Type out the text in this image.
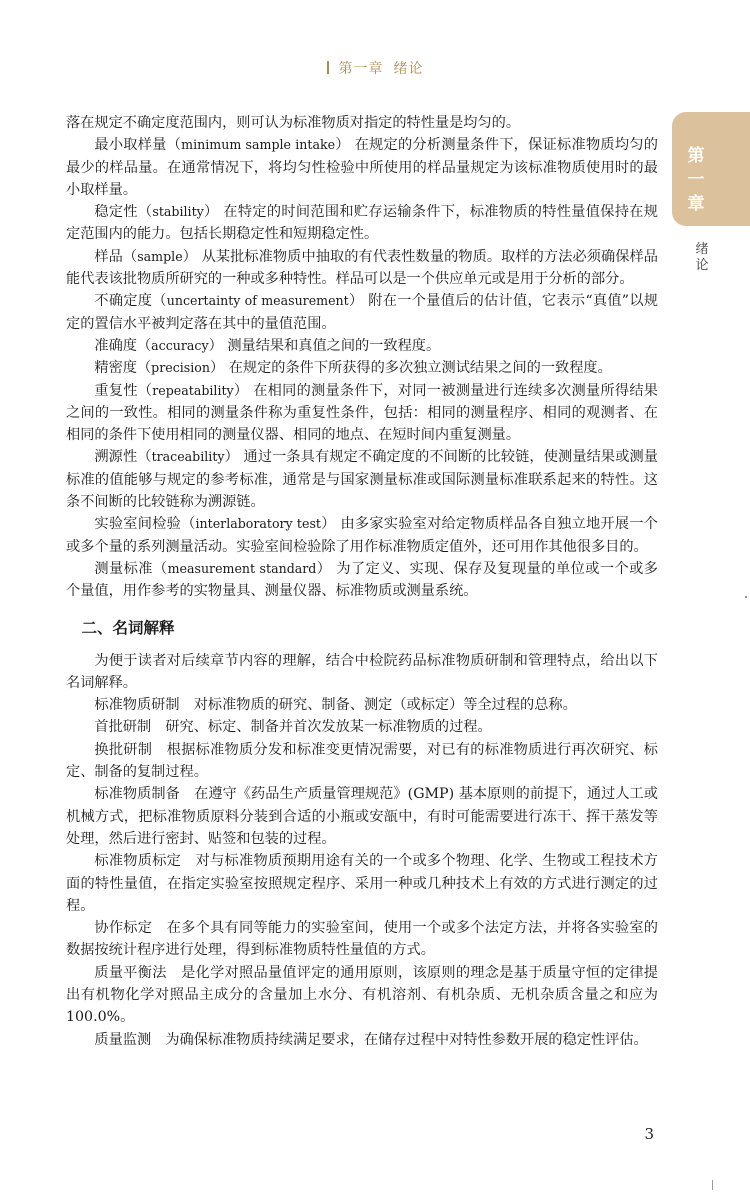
第一章 绪论
第
一
章
绪
论

落在规定不确定度范围内，则可认为标准物质对指定的特性量是均匀的。

最小取样量（minimum sample intake） 在规定的分析测量条件下，保证标准物质均匀的最少的样品量。在通常情况下，将均匀性检验中所使用的样品量规定为该标准物质使用时的最小取样量。

稳定性（stability） 在特定的时间范围和贮存运输条件下，标准物质的特性量值保持在规定范围内的能力。包括长期稳定性和短期稳定性。

样品（sample） 从某批标准物质中抽取的有代表性数量的物质。取样的方法必须确保样品能代表该批物质所研究的一种或多种特性。样品可以是一个供应单元或是用于分析的部分。

不确定度（uncertainty of measurement） 附在一个量值后的估计值，它表示“真值”以规定的置信水平被判定落在其中的量值范围。

准确度（accuracy） 测量结果和真值之间的一致程度。

精密度（precision） 在规定的条件下所获得的多次独立测试结果之间的一致程度。

重复性（repeatability） 在相同的测量条件下，对同一被测量进行连续多次测量所得结果之间的一致性。相同的测量条件称为重复性条件，包括：相同的测量程序、相同的观测者、在相同的条件下使用相同的测量仪器、相同的地点、在短时间内重复测量。

溯源性（traceability） 通过一条具有规定不确定度的不间断的比较链，使测量结果或测量标准的值能够与规定的参考标准，通常是与国家测量标准或国际测量标准联系起来的特性。这条不间断的比较链称为溯源链。

实验室间检验（interlaboratory test） 由多家实验室对给定物质样品各自独立地开展一个或多个量的系列测量活动。实验室间检验除了用作标准物质定值外，还可用作其他很多目的。

测量标准（measurement standard） 为了定义、实现、保存及复现量的单位或一个或多个量值，用作参考的实物量具、测量仪器、标准物质或测量系统。

二、名词解释

为便于读者对后续章节内容的理解，结合中检院药品标准物质研制和管理特点，给出以下名词解释。

标准物质研制　 对标准物质的研究、制备、测定（或标定）等全过程的总称。

首批研制　 研究、标定、制备并首次发放某一标准物质的过程。

换批研制　 根据标准物质分发和标准变更情况需要，对已有的标准物质进行再次研究、标定、制备的复制过程。

标准物质制备　 在遵守《药品生产质量管理规范》(GMP) 基本原则的前提下，通过人工或机械方式，把标准物质原料分装到合适的小瓶或安瓿中，有时可能需要进行冻干、挥干蒸发等处理，然后进行密封、贴签和包装的过程。

标准物质标定　 对与标准物质预期用途有关的一个或多个物理、化学、生物或工程技术方面的特性量值，在指定实验室按照规定程序、采用一种或几种技术上有效的方式进行测定的过程。

协作标定　 在多个具有同等能力的实验室间，使用一个或多个法定方法，并将各实验室的数据按统计程序进行处理，得到标准物质特性量值的方式。

质量平衡法　 是化学对照品量值评定的通用原则，该原则的理念是基于质量守恒的定律提出有机物化学对照品主成分的含量加上水分、有机溶剂、有机杂质、无机杂质含量之和应为 100.0%。

质量监测　 为确保标准物质持续满足要求，在储存过程中对特性参数开展的稳定性评估。

3
